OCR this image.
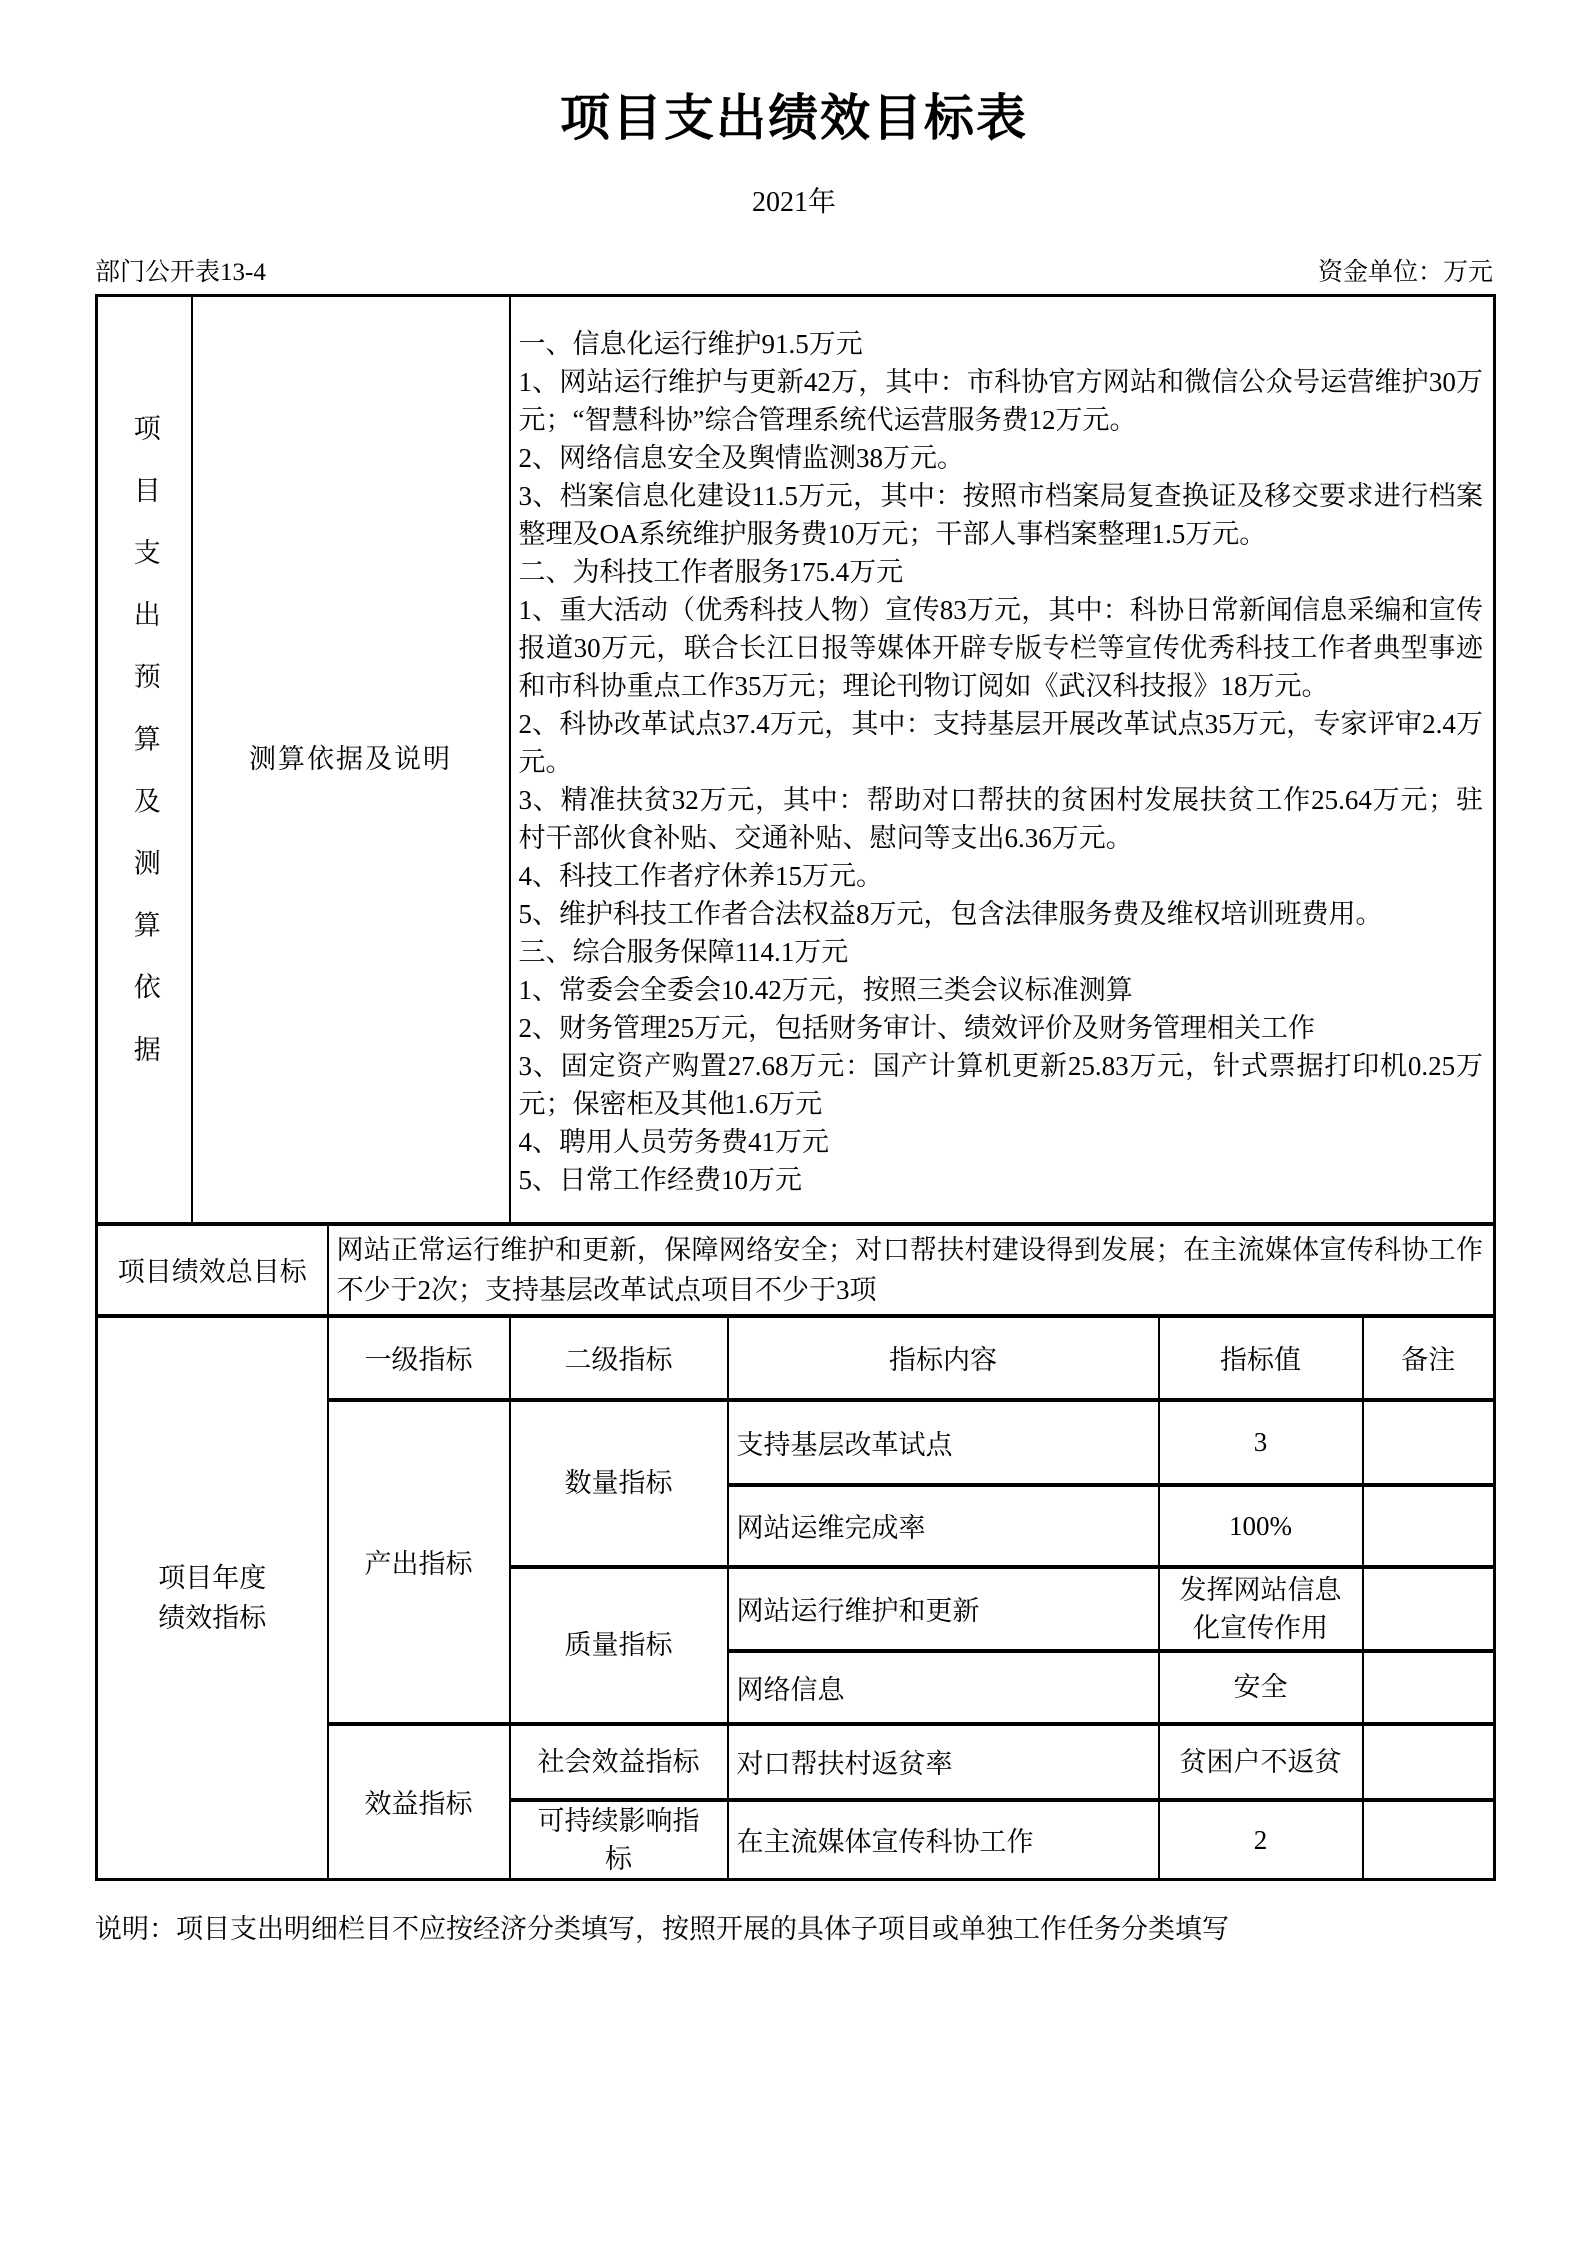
项目支出绩效目标表
2021年
部门公开表13-4	资金单位：万元
项目支出预算及测算依据	测算依据及说明	

一、信息化运行维护91.5万元

1、网站运行维护与更新42万，其中：市科协官方网站和微信公众号运营维护30万元；“智慧科协”综合管理系统代运营服务费12万元。

2、网络信息安全及舆情监测38万元。

3、档案信息化建设11.5万元，其中：按照市档案局复查换证及移交要求进行档案整理及OA系统维护服务费10万元；干部人事档案整理1.5万元。

二、为科技工作者服务175.4万元

1、重大活动（优秀科技人物）宣传83万元，其中：科协日常新闻信息采编和宣传报道30万元，联合长江日报等媒体开辟专版专栏等宣传优秀科技工作者典型事迹和市科协重点工作35万元；理论刊物订阅如《武汉科技报》18万元。

2、科协改革试点37.4万元，其中：支持基层开展改革试点35万元，专家评审2.4万元。

3、精准扶贫32万元，其中：帮助对口帮扶的贫困村发展扶贫工作25.64万元；驻村干部伙食补贴、交通补贴、慰问等支出6.36万元。

4、科技工作者疗休养15万元。

5、维护科技工作者合法权益8万元，包含法律服务费及维权培训班费用。

三、综合服务保障114.1万元

1、常委会全委会10.42万元，按照三类会议标准测算

2、财务管理25万元，包括财务审计、绩效评价及财务管理相关工作

3、固定资产购置27.68万元：国产计算机更新25.83万元，针式票据打印机0.25万元；保密柜及其他1.6万元

4、聘用人员劳务费41万元

5、日常工作经费10万元

项目绩效总目标		网站正常运行维护和更新，保障网络安全；对口帮扶村建设得到发展；在主流媒体宣传科协工作不少于2次；支持基层改革试点项目不少于3项				
项目年度绩效指标		一级指标	二级指标	指标内容	指标值	备注
		产出指标	数量指标	支持基层改革试点	3	
				网站运维完成率	100%	
			质量指标	网站运行维护和更新	发挥网站信息化宣传作用	
				网络信息	安全	
		效益指标	社会效益指标	对口帮扶村返贫率	贫困户不返贫	
			可持续影响指标	在主流媒体宣传科协工作	2	
说明：项目支出明细栏目不应按经济分类填写，按照开展的具体子项目或单独工作任务分类填写
